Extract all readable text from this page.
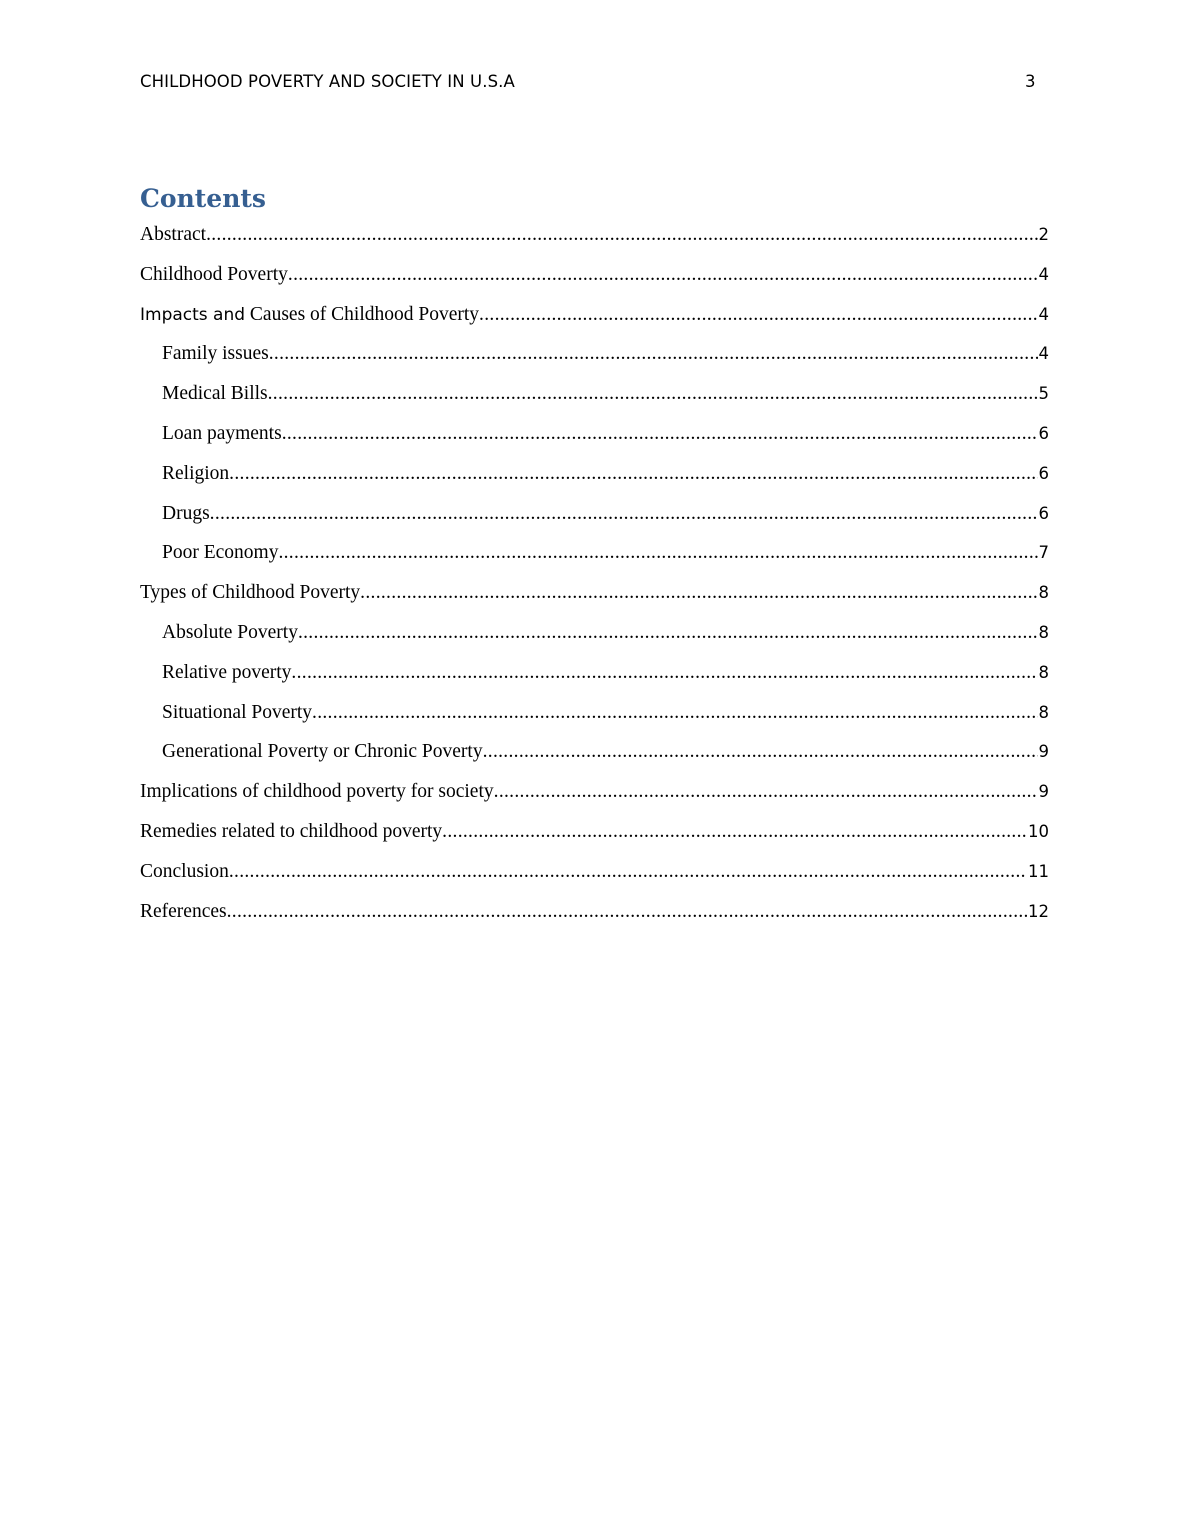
CHILDHOOD POVERTY AND SOCIETY IN U.S.A	3
Contents
Abstract .....	2
Childhood Poverty .....	4
Impacts and Causes of Childhood Poverty .....	4
Family issues .....	4
Medical Bills .....	5
Loan payments .....	6
Religion .....	6
Drugs .....	6
Poor Economy .....	7
Types of Childhood Poverty .....	8
Absolute Poverty .....	8
Relative poverty .....	8
Situational Poverty .....	8
Generational Poverty or Chronic Poverty .....	9
Implications of childhood poverty for society .....	9
Remedies related to childhood poverty .....	10
Conclusion .....	11
References .....	12
